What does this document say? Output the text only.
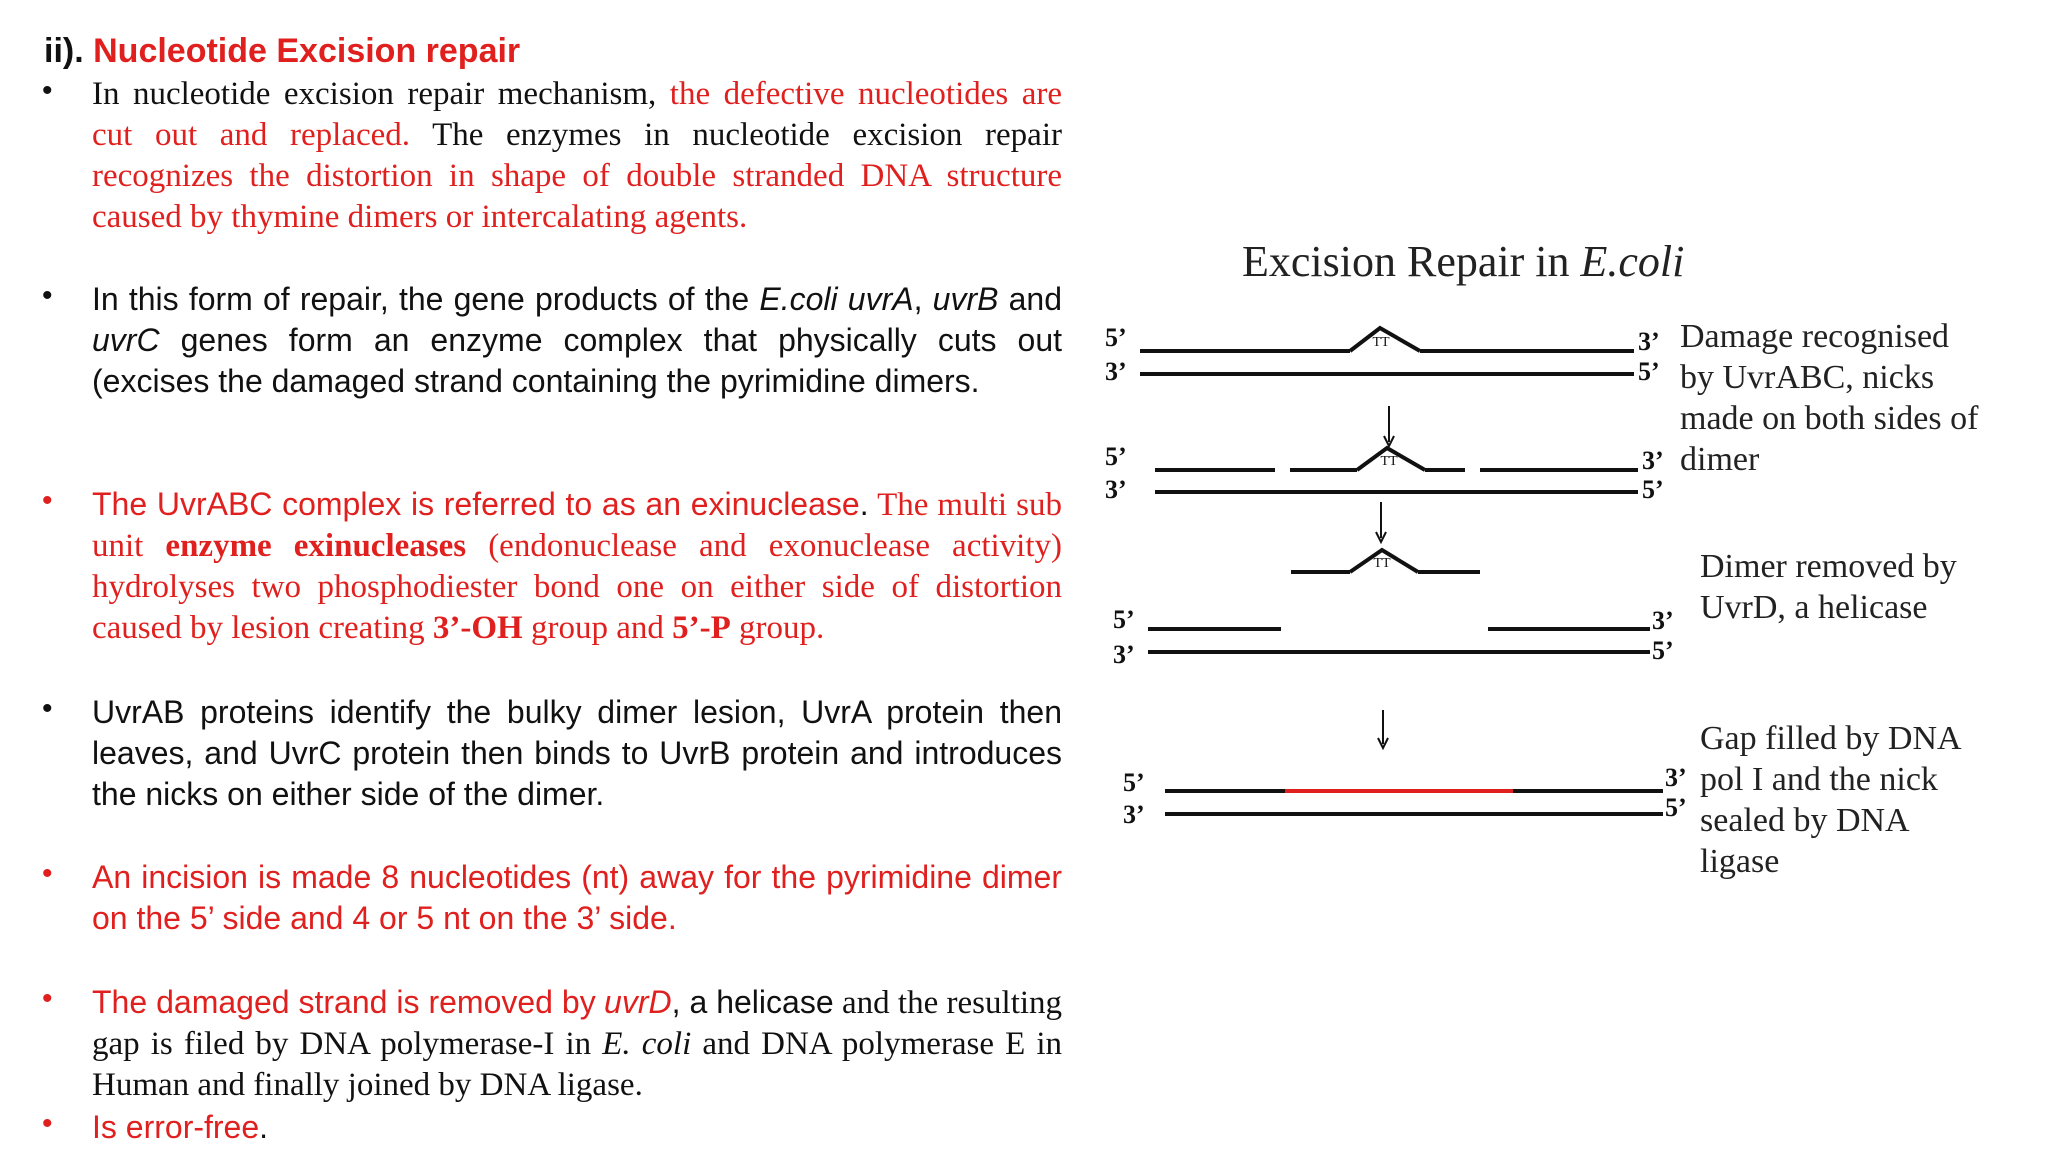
ii). Nucleotide Excision repair
• In nucleotide excision repair mechanism, the defective nucleotides are cut out and replaced. The enzymes in nucleotide excision repair recognizes the distortion in shape of double stranded DNA structure caused by thymine dimers or intercalating agents.

• In this form of repair, the gene products of the E.coli uvrA, uvrB and uvrC genes form an enzyme complex that physically cuts out (excises the damaged strand containing the pyrimidine dimers.

• The UvrABC complex is referred to as an exinuclease. The multi sub unit enzyme exinucleases (endonuclease and exonuclease activity) hydrolyses two phosphodiester bond one on either side of distortion caused by lesion creating 3’-OH group and 5’-P group.

• UvrAB proteins identify the bulky dimer lesion, UvrA protein then leaves, and UvrC protein then binds to UvrB protein and introduces the nicks on either side of the dimer.

• An incision is made 8 nucleotides (nt) away for the pyrimidine dimer on the 5’ side and 4 or 5 nt on the 3’ side.

• The damaged strand is removed by uvrD, a helicase and the resulting gap is filed by DNA polymerase-I in E. coli and DNA polymerase E in Human and finally joined by DNA ligase.

• Is error-free.

Excision Repair in E.coli
TT
5’
3’
3’
5’
TT
5’
3’
3’
5’
TT
5’
3’
3’
5’
5’
3’
3’
5’
Damage recognised
by UvrABC, nicks
made on both sides of
dimer
Dimer removed by
UvrD, a helicase
Gap filled by DNA
pol I and the nick
sealed by DNA
ligase
